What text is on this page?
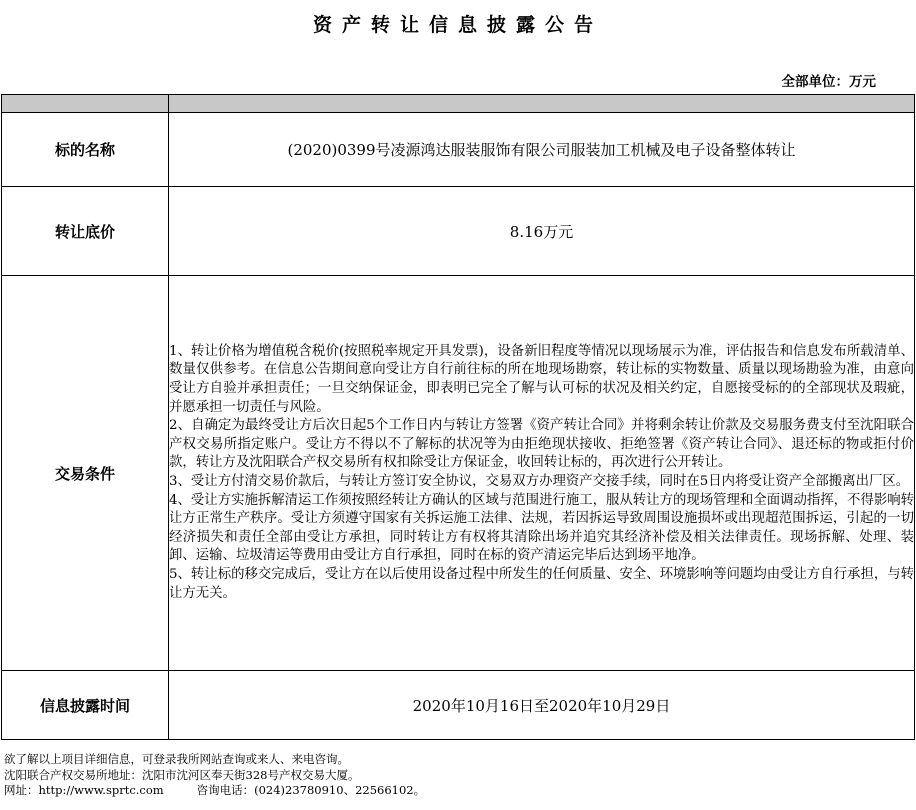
资产转让信息披露公告
全部单位：万元

标的名称	(2020)0399号凌源鸿达服装服饰有限公司服装加工机械及电子设备整体转让
转让底价	8.16万元
交易条件	1、转让价格为增值税含税价(按照税率规定开具发票)，设备新旧程度等情况以现场展示为准，评估报告和信息发布所载清单、数量仅供参考。在信息公告期间意向受让方自行前往标的所在地现场勘察，转让标的实物数量、质量以现场勘验为准，由意向受让方自验并承担责任；一旦交纳保证金，即表明已完全了解与认可标的状况及相关约定，自愿接受标的的全部现状及瑕疵，并愿承担一切责任与风险。

2、自确定为最终受让方后次日起5个工作日内与转让方签署《资产转让合同》并将剩余转让价款及交易服务费支付至沈阳联合产权交易所指定账户。受让方不得以不了解标的状况等为由拒绝现状接收、拒绝签署《资产转让合同》、退还标的物或拒付价款，转让方及沈阳联合产权交易所有权扣除受让方保证金，收回转让标的，再次进行公开转让。

3、受让方付清交易价款后，与转让方签订安全协议，交易双方办理资产交接手续，同时在5日内将受让资产全部搬离出厂区。

4、受让方实施拆解清运工作须按照经转让方确认的区域与范围进行施工，服从转让方的现场管理和全面调动指挥，不得影响转让方正常生产秩序。受让方须遵守国家有关拆运施工法律、法规，若因拆运导致周围设施损坏或出现超范围拆运，引起的一切经济损失和责任全部由受让方承担，同时转让方有权将其清除出场并追究其经济补偿及相关法律责任。现场拆解、处理、装卸、运输、垃圾清运等费用由受让方自行承担，同时在标的资产清运完毕后达到场平地净。

5、转让标的移交完成后，受让方在以后使用设备过程中所发生的任何质量、安全、环境影响等问题均由受让方自行承担，与转让方无关。

信息披露时间	2020年10月16日至2020年10月29日
欲了解以上项目详细信息，可登录我所网站查询或来人、来电咨询。
沈阳联合产权交易所地址：沈阳市沈河区奉天街328号产权交易大厦。
网址：http://www.sprtc.com	咨询电话：(024)23780910、22566102。
